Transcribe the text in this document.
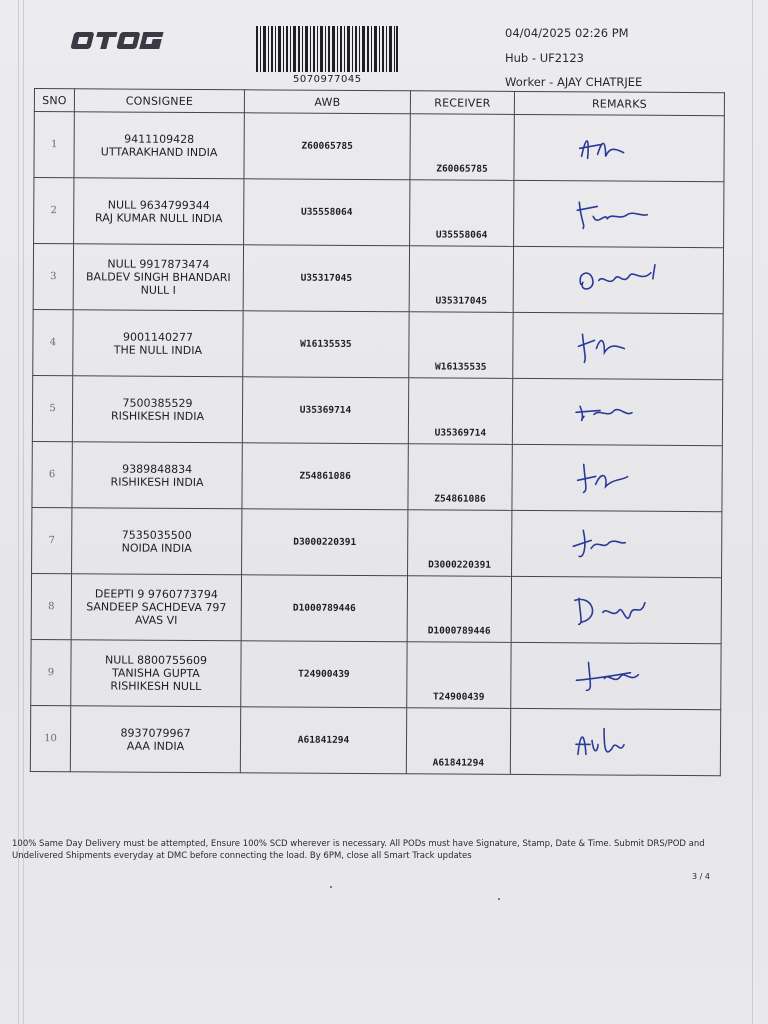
5070977045
04/04/2025 02:26 PM
Hub - UF2123
Worker - AJAY CHATRJEE
SNO	CONSIGNEE	AWB	RECEIVER	REMARKS
1	9411109428
UTTARAKHAND INDIA	Z60065785	Z60065785

2	NULL 9634799344
RAJ KUMAR NULL INDIA	U35558064	U35558064

3	NULL 9917873474
BALDEV SINGH BHANDARI
NULL I	U35317045	U35317045

4	9001140277
THE NULL INDIA	W16135535	W16135535

5	7500385529
RISHIKESH INDIA	U35369714	U35369714

6	9389848834
RISHIKESH INDIA	Z54861086	Z54861086

7	7535035500
NOIDA INDIA	D3000220391	D3000220391

8	DEEPTI 9 9760773794
SANDEEP SACHDEVA 797
AVAS VI	D1000789446	D1000789446

9	NULL 8800755609
TANISHA GUPTA
RISHIKESH NULL	T24900439	T24900439

10	8937079967
AAA INDIA	A61841294	A61841294

100% Same Day Delivery must be attempted, Ensure 100% SCD wherever is necessary. All PODs must have Signature, Stamp, Date & Time. Submit DRS/POD and Undelivered Shipments everyday at DMC before connecting the load. By 6PM, close all Smart Track updates
3 / 4
